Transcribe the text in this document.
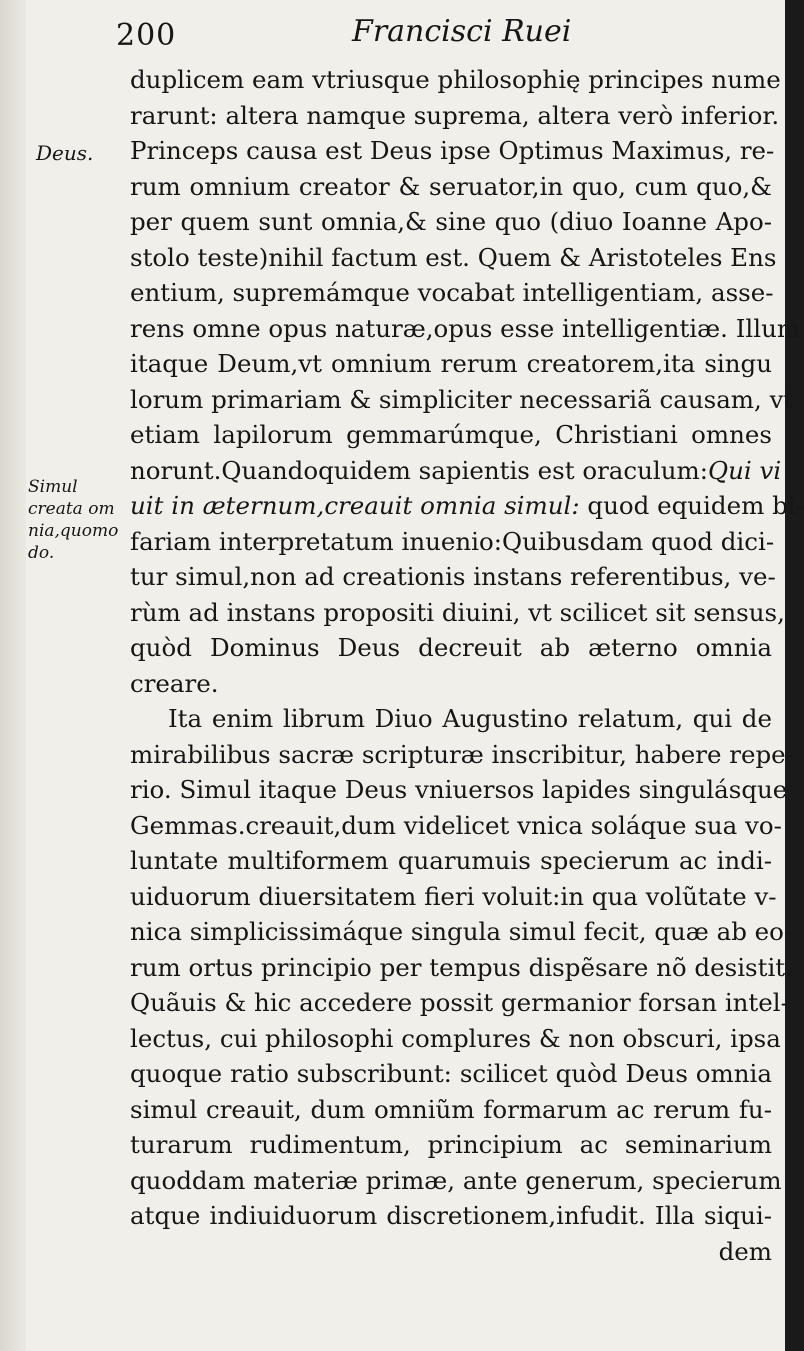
200	Francisci Ruei
Deus.
Simul
creata om
nia,quomo
do.
duplicem eam vtriusque philosophię principes nume
rarunt: altera namque suprema, altera verò inferior.
Princeps causa est Deus ipse Optimus Maximus, re-
rum omnium creator & seruator,in quo, cum quo,&
per quem sunt omnia,& sine quo (diuo Ioanne Apo-
stolo teste)nihil factum est. Quem & Aristoteles Ens
entium, supremámque vocabat intelligentiam, asse-
rens omne opus naturæ,opus esse intelligentiæ. Illum
itaque Deum,vt omnium rerum creatorem,ita singu
lorum primariam & simpliciter necessariã causam, vt
etiam lapilorum gemmarúmque, Christiani omnes
norunt.Quandoquidem sapientis est oraculum:Qui vi
uit in æternum,creauit omnia simul: quod equidem bi-
fariam interpretatum inuenio:Quibusdam quod dici-
tur simul,non ad creationis instans referentibus, ve-
rùm ad instans propositi diuini, vt scilicet sit sensus,
quòd Dominus Deus decreuit ab æterno omnia
creare.
Ita enim librum Diuo Augustino relatum, qui de
mirabilibus sacræ scripturæ inscribitur, habere repe-
rio. Simul itaque Deus vniuersos lapides singulásque
Gemmas.creauit,dum videlicet vnica soláque sua vo-
luntate multiformem quarumuis specierum ac indi-
uiduorum diuersitatem fieri voluit:in qua volũtate v-
nica simplicissimáque singula simul fecit, quæ ab eo-
rum ortus principio per tempus dispẽsare nõ desistit.
Quãuis & hic accedere possit germanior forsan intel-
lectus, cui philosophi complures & non obscuri, ipsa
quoque ratio subscribunt: scilicet quòd Deus omnia
simul creauit, dum omniũm formarum ac rerum fu-
turarum rudimentum, principium ac seminarium
quoddam materiæ primæ, ante generum, specierum
atque indiuiduorum discretionem,infudit. Illa siqui-
dem
